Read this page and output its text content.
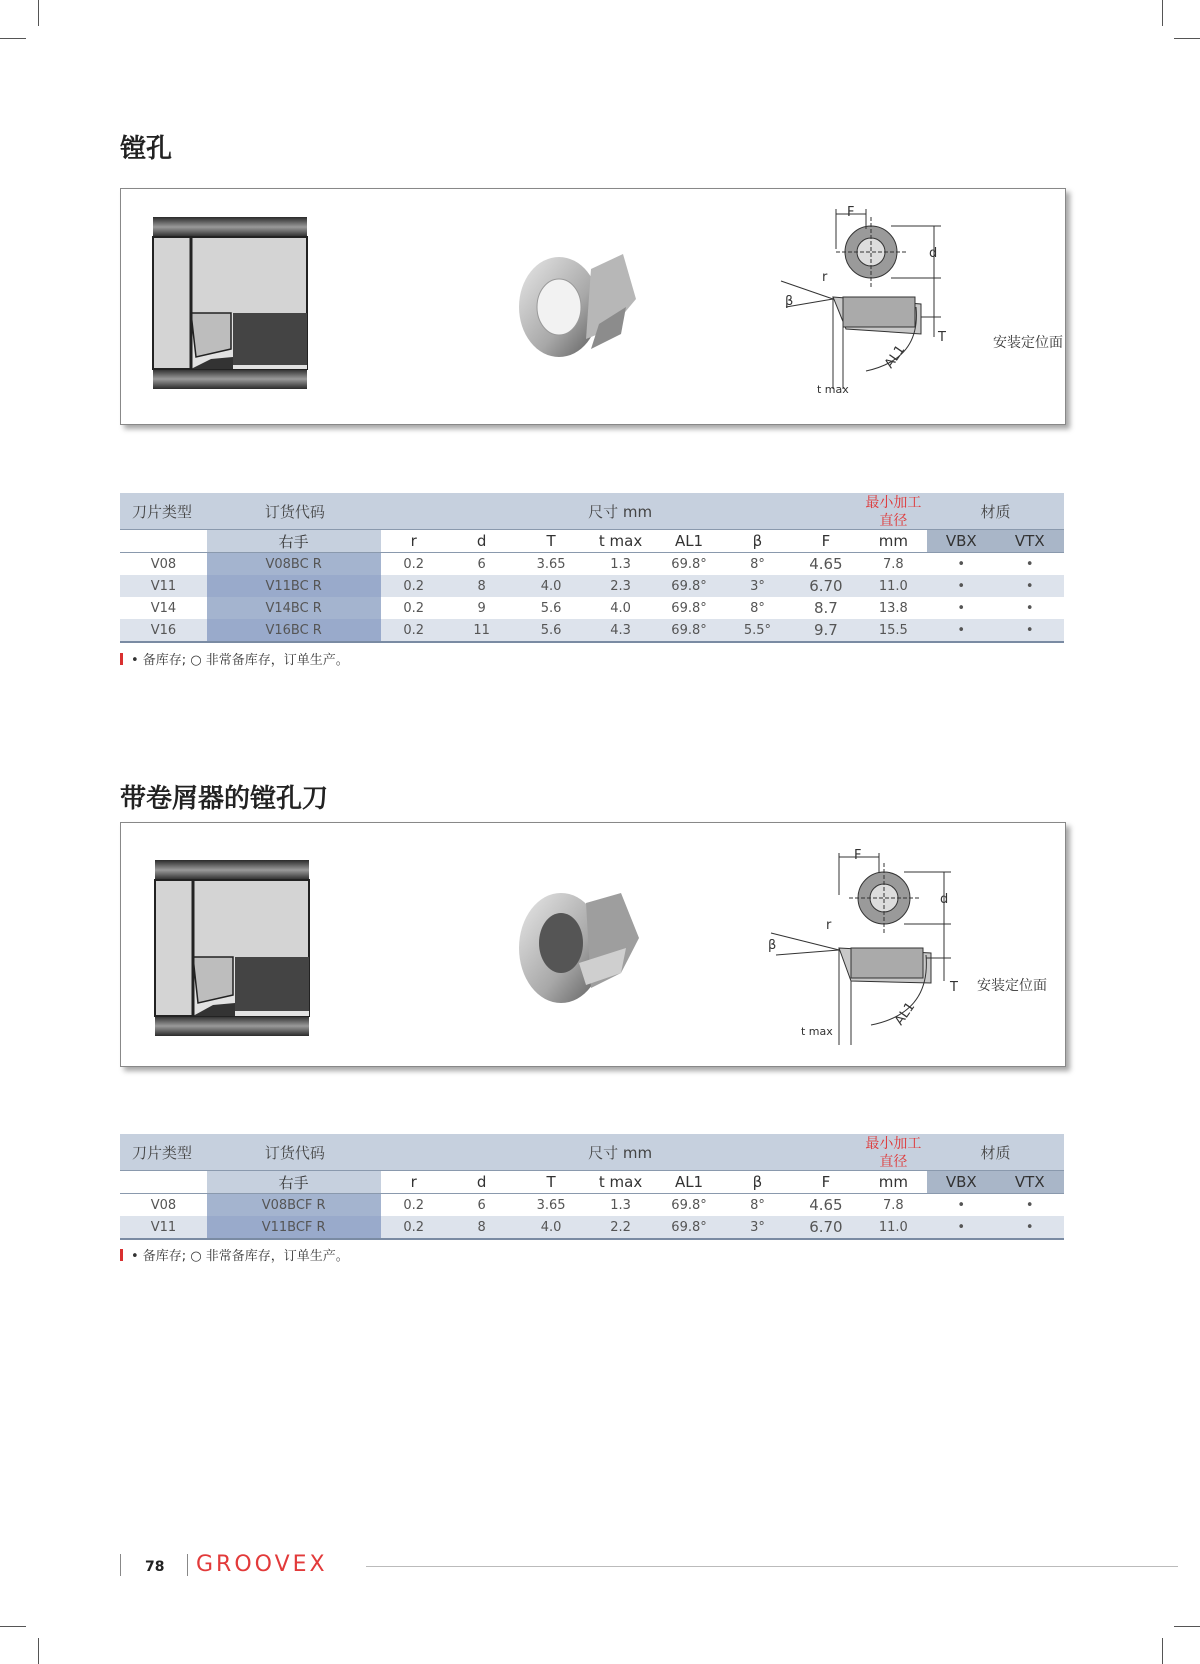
镗孔
F
d
r
β
T
t max
AL1	安装定位面
刀片类型	订货代码	尺寸 mm							最小加工
直径	材质	
	右手	r	d	T	t max	AL1	β	F	mm	VBX	VTX
V08	V08BC R	0.2	6	3.65	1.3	69.8°	8°	4.65	7.8	•	•
V11	V11BC R	0.2	8	4.0	2.3	69.8°	3°	6.70	11.0	•	•
V14	V14BC R	0.2	9	5.6	4.0	69.8°	8°	8.7	13.8	•	•
V16	V16BC R	0.2	11	5.6	4.3	69.8°	5.5°	9.7	15.5	•	•
• 备库存; ○ 非常备库存，订单生产。
带卷屑器的镗孔刀
F
d
r
β
T
t max
AL1
安装定位面
刀片类型	订货代码	尺寸 mm							最小加工
直径	材质	
	右手	r	d	T	t max	AL1	β	F	mm	VBX	VTX
V08	V08BCF R	0.2	6	3.65	1.3	69.8°	8°	4.65	7.8	•	•
V11	V11BCF R	0.2	8	4.0	2.2	69.8°	3°	6.70	11.0	•	•
• 备库存; ○ 非常备库存，订单生产。
78 GROOVEX
